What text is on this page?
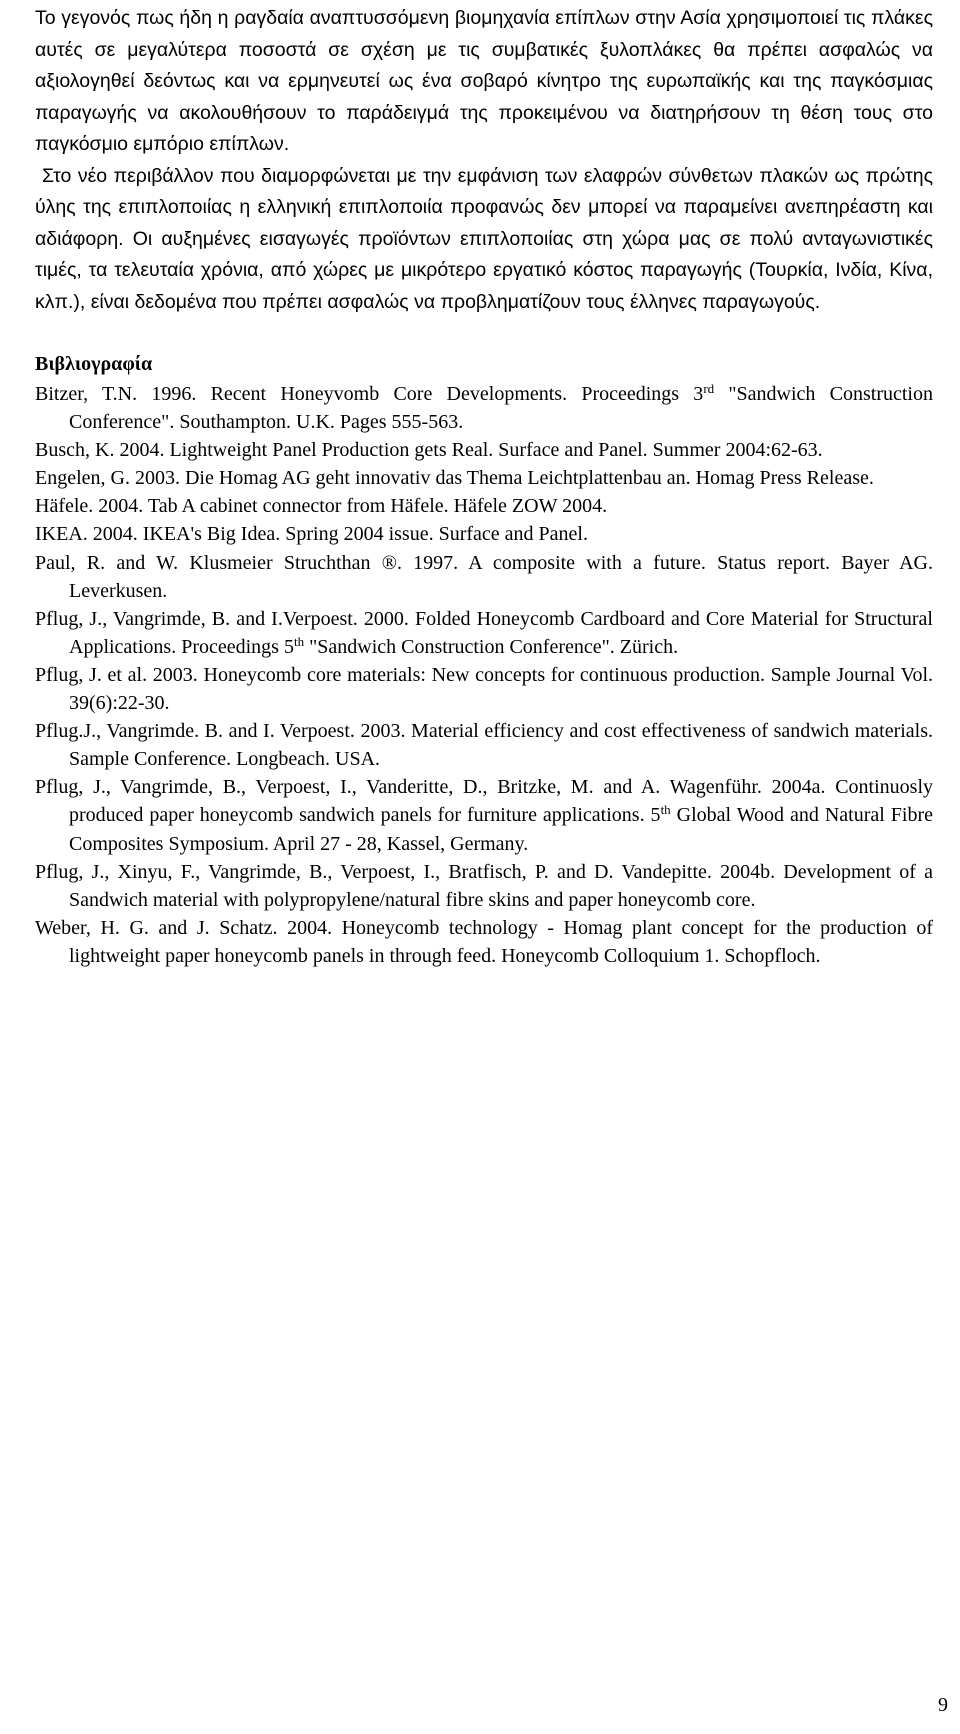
Το γεγονός πως ήδη η ραγδαία αναπτυσσόμενη βιομηχανία επίπλων στην Ασία χρησιμοποιεί τις πλάκες αυτές σε μεγαλύτερα ποσοστά σε σχέση με τις συμβατικές ξυλοπλάκες θα πρέπει ασφαλώς να αξιολογηθεί δεόντως και να ερμηνευτεί ως ένα σοβαρό κίνητρο της ευρωπαϊκής και της παγκόσμιας παραγωγής να ακολουθήσουν το παράδειγμά της προκειμένου να διατηρήσουν τη θέση τους στο παγκόσμιο εμπόριο επίπλων.

Στο νέο περιβάλλον που διαμορφώνεται με την εμφάνιση των ελαφρών σύνθετων πλακών ως πρώτης ύλης της επιπλοποιίας η ελληνική επιπλοποιία προφανώς δεν μπορεί να παραμείνει ανεπηρέαστη και αδιάφορη. Οι αυξημένες εισαγωγές προϊόντων επιπλοποιίας στη χώρα μας σε πολύ ανταγωνιστικές τιμές, τα τελευταία χρόνια, από χώρες με μικρότερο εργατικό κόστος παραγωγής (Τουρκία, Ινδία, Κίνα, κλπ.), είναι δεδομένα που πρέπει ασφαλώς να προβληματίζουν τους έλληνες παραγωγούς.

Βιβλιογραφία
Bitzer, T.N. 1996. Recent Honeyvomb Core Developments. Proceedings 3rd "Sandwich Construction Conference". Southampton. U.K. Pages 555-563.
Busch, K. 2004. Lightweight Panel Production gets Real. Surface and Panel. Summer 2004:62-63.
Engelen, G. 2003. Die Homag AG geht innovativ das Thema Leichtplattenbau an. Homag Press Release.
Häfele. 2004. Tab A cabinet connector from Häfele. Häfele ZOW 2004.
IKEA. 2004. IKEA's Big Idea. Spring 2004 issue. Surface and Panel.
Paul, R. and W. Klusmeier Struchthan ®. 1997. A composite with a future. Status report. Bayer AG. Leverkusen.
Pflug, J., Vangrimde, B. and I.Verpoest. 2000. Folded Honeycomb Cardboard and Core Material for Structural Applications. Proceedings 5th "Sandwich Construction Conference". Zürich.
Pflug, J. et al. 2003. Honeycomb core materials: New concepts for continuous production. Sample Journal Vol. 39(6):22-30.
Pflug.J., Vangrimde. B. and I. Verpoest. 2003. Material efficiency and cost effectiveness of sandwich materials. Sample Conference. Longbeach. USA.
Pflug, J., Vangrimde, B., Verpoest, I., Vanderitte, D., Britzke, M. and A. Wagenführ. 2004a. Continuosly produced paper honeycomb sandwich panels for furniture applications. 5th Global Wood and Natural Fibre Composites Symposium. April 27 - 28, Kassel, Germany.
Pflug, J., Xinyu, F., Vangrimde, B., Verpoest, I., Bratfisch, P. and D. Vandepitte. 2004b. Development of a Sandwich material with polypropylene/natural fibre skins and paper honeycomb core.
Weber, H. G. and J. Schatz. 2004. Honeycomb technology - Homag plant concept for the production of lightweight paper honeycomb panels in through feed. Honeycomb Colloquium 1. Schopfloch.
9
